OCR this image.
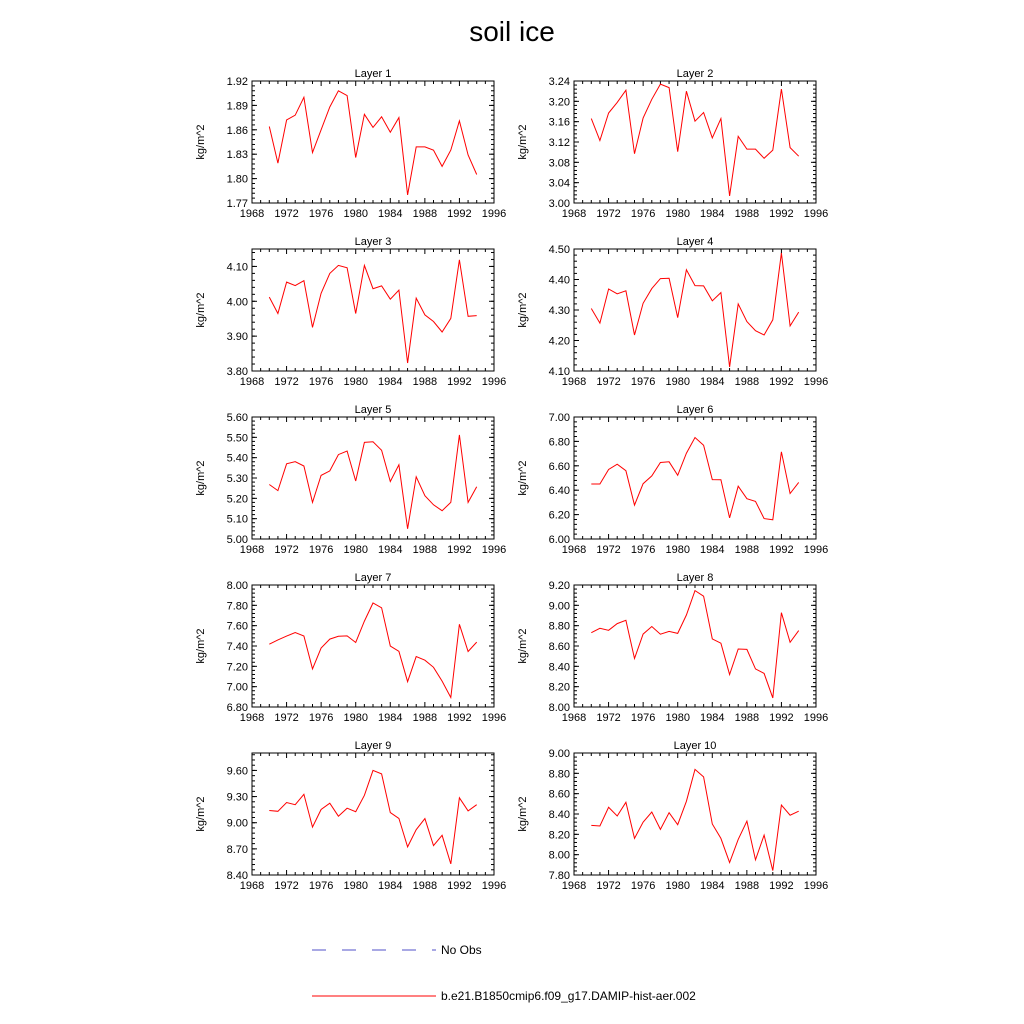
soil ice
1968 1972 1976 1980 1984 1988 1992 1996
1.77
1.80
1.83
1.86
1.89
1.92
Layer 1
kg/m^2
1968 1972 1976 1980 1984 1988 1992 1996
3.00
3.04
3.08
3.12
3.16
3.20
3.24
Layer 2
kg/m^2
1968 1972 1976 1980 1984 1988 1992 1996
3.80
3.90
4.00
4.10
Layer 3
kg/m^2
1968 1972 1976 1980 1984 1988 1992 1996
4.10
4.20
4.30
4.40
4.50
Layer 4
kg/m^2
1968 1972 1976 1980 1984 1988 1992 1996
5.00
5.10
5.20
5.30
5.40
5.50
5.60
Layer 5
kg/m^2
1968 1972 1976 1980 1984 1988 1992 1996
6.00
6.20
6.40
6.60
6.80
7.00
Layer 6
kg/m^2
1968 1972 1976 1980 1984 1988 1992 1996
6.80
7.00
7.20
7.40
7.60
7.80
8.00
Layer 7
kg/m^2
1968 1972 1976 1980 1984 1988 1992 1996
8.00
8.20
8.40
8.60
8.80
9.00
9.20
Layer 8
kg/m^2
1968 1972 1976 1980 1984 1988 1992 1996
8.40
8.70
9.00
9.30
9.60
Layer 9
kg/m^2
1968 1972 1976 1980 1984 1988 1992 1996
7.80
8.00
8.20
8.40
8.60
8.80
9.00
Layer 10
kg/m^2
No Obs
b.e21.B1850cmip6.f09_g17.DAMIP-hist-aer.002
